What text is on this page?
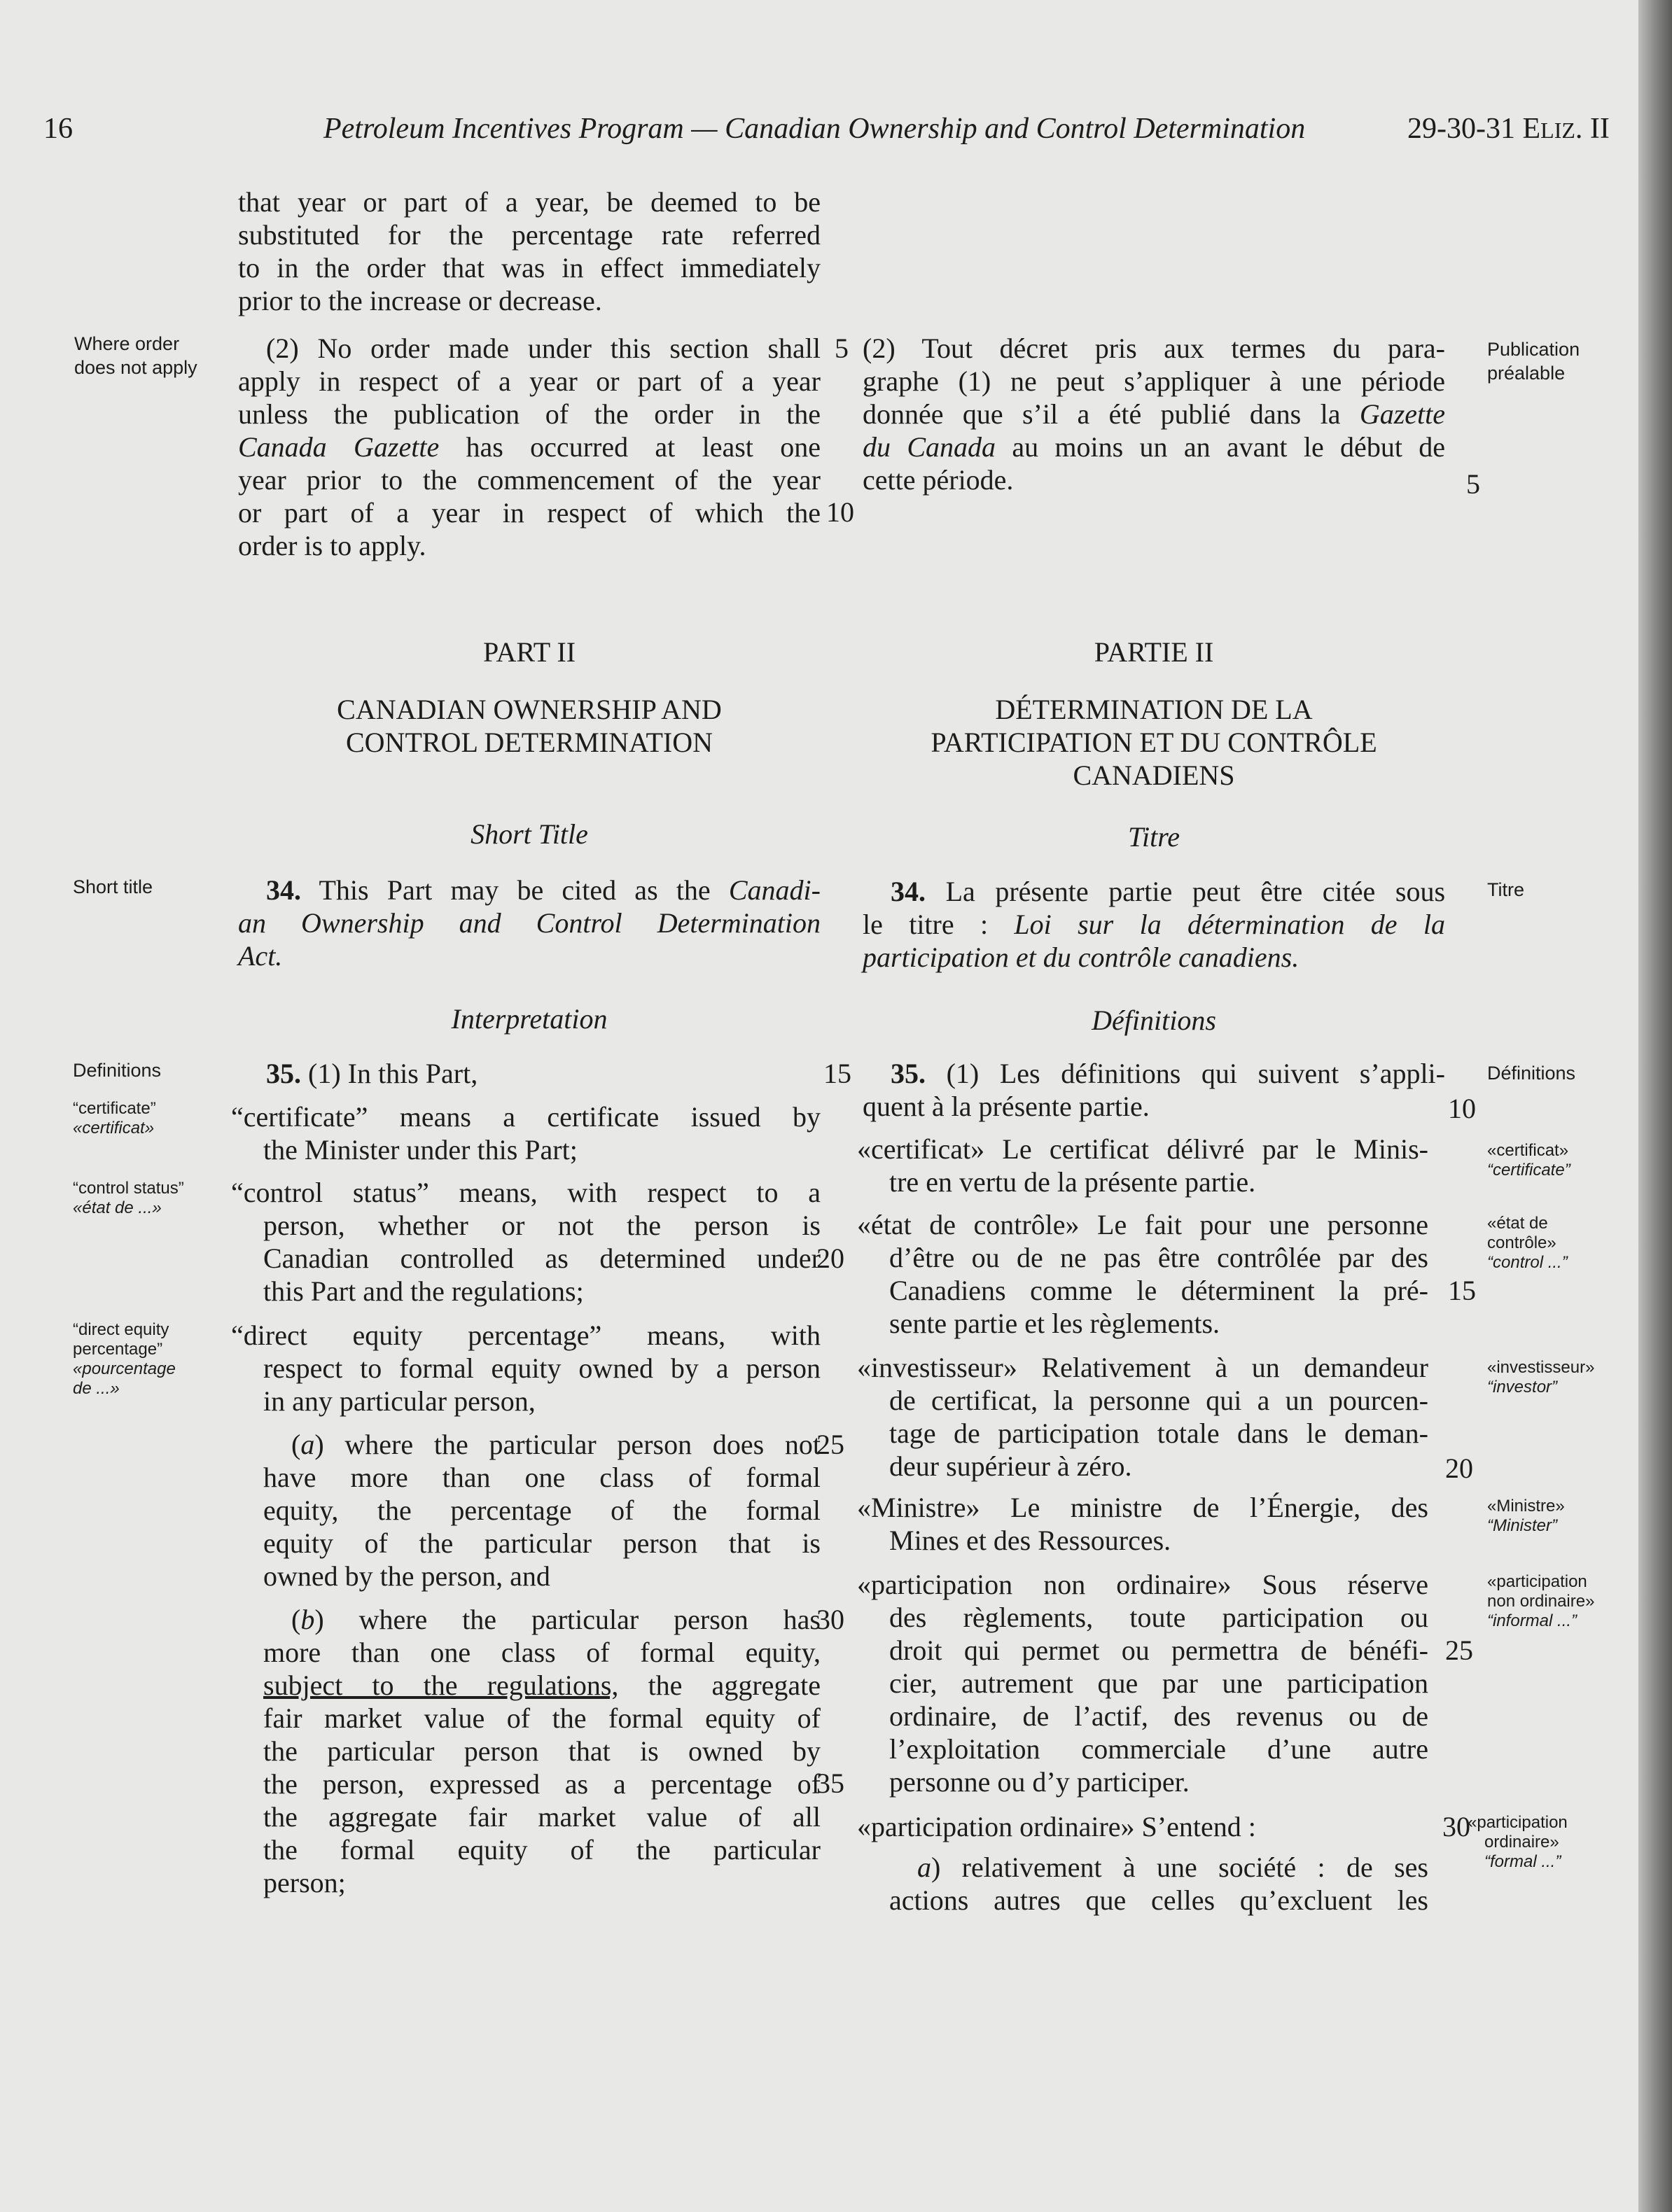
16	Petroleum Incentives Program — Canadian Ownership and Control Determination	29-30-31 ELIZ. II
that year or part of a year, be deemed to be
substituted for the percentage rate referred
to in the order that was in effect immediately
prior to the increase or decrease.
(2) No order made under this section shall
apply in respect of a year or part of a year
unless the publication of the order in the
Canada Gazette has occurred at least one
year prior to the commencement of the year
or part of a year in respect of which the
order is to apply.
PART II
CANADIAN OWNERSHIP AND
CONTROL DETERMINATION
Short Title
34. This Part may be cited as the Canadi-
an Ownership and Control Determination
Act.
Interpretation
35. (1) In this Part,
“certificate” means a certificate issued by
the Minister under this Part;
“control status” means, with respect to a
person, whether or not the person is
Canadian controlled as determined under
this Part and the regulations;
“direct equity percentage” means, with
respect to formal equity owned by a person
in any particular person,
(a) where the particular person does not
have more than one class of formal
equity, the percentage of the formal
equity of the particular person that is
owned by the person, and
(b) where the particular person has
more than one class of formal equity,
subject to the regulations, the aggregate
fair market value of the formal equity of
the particular person that is owned by
the person, expressed as a percentage of
the aggregate fair market value of all
the formal equity of the particular
person;
5
10
15
20
25
30
35
Where order
does not apply
Short title
Definitions
“certificate”
«certificat»
“control status”
«état de ...»
“direct equity
percentage”
«pourcentage
de ...»
(2) Tout décret pris aux termes du para-
graphe (1) ne peut s’appliquer à une période
donnée que s’il a été publié dans la Gazette
du Canada au moins un an avant le début de
cette période.
PARTIE II
DÉTERMINATION DE LA
PARTICIPATION ET DU CONTRÔLE
CANADIENS
Titre
34. La présente partie peut être citée sous
le titre : Loi sur la détermination de la
participation et du contrôle canadiens.
Définitions
35. (1) Les définitions qui suivent s’appli-
quent à la présente partie.
«certificat» Le certificat délivré par le Minis-
tre en vertu de la présente partie.
«état de contrôle» Le fait pour une personne
d’être ou de ne pas être contrôlée par des
Canadiens comme le déterminent la pré-
sente partie et les règlements.
«investisseur» Relativement à un demandeur
de certificat, la personne qui a un pourcen-
tage de participation totale dans le deman-
deur supérieur à zéro.
«Ministre» Le ministre de l’Énergie, des
Mines et des Ressources.
«participation non ordinaire» Sous réserve
des règlements, toute participation ou
droit qui permet ou permettra de bénéfi-
cier, autrement que par une participation
ordinaire, de l’actif, des revenus ou de
l’exploitation commerciale d’une autre
personne ou d’y participer.
«participation ordinaire» S’entend :
a) relativement à une société : de ses
actions autres que celles qu’excluent les
5
10
15
20
25
30
Publication
préalable
Titre
Définitions
«certificat»
“certificate”
«état de
contrôle»
“control ...”
«investisseur»
“investor”
«Ministre»
“Minister”
«participation
non ordinaire»
“informal ...”
«participation
ordinaire»
“formal ...”
